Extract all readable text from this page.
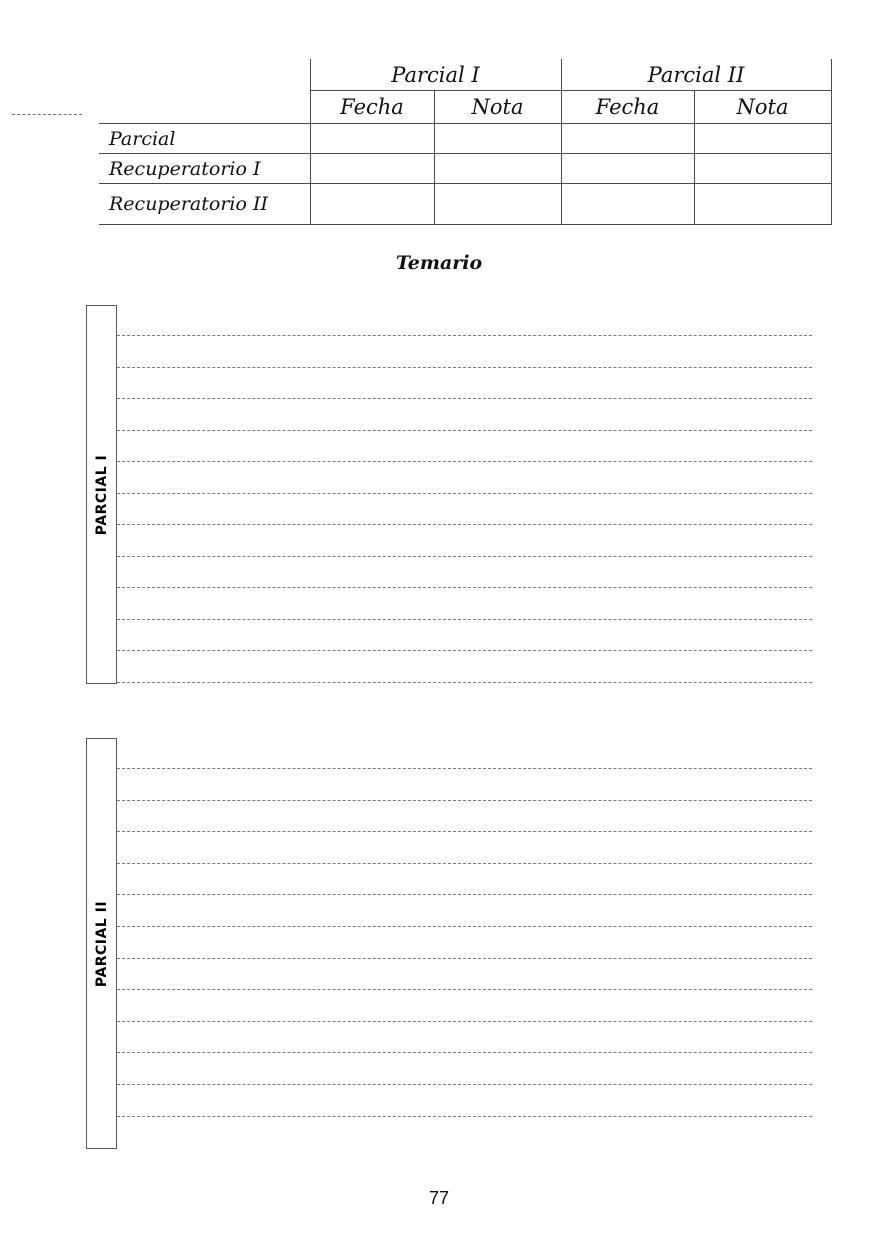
	Parcial I		Parcial II	
	Fecha	Nota	Fecha	Nota
Parcial				
Recuperatorio I				
Recuperatorio II				
Temario
PARCIAL I
PARCIAL II
77
